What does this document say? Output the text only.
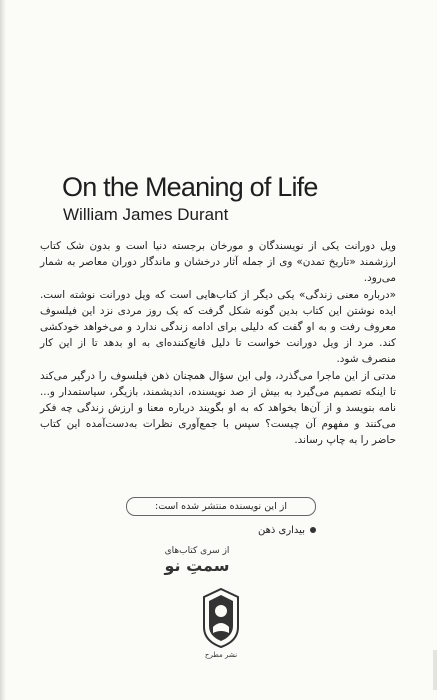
On the Meaning of Life
William James Durant

ویل دورانت یکی از نویسندگان و مورخان برجسته دنیا است و بدون شک کتاب ارزشمند «تاریخ تمدن» وی از جمله آثار درخشان و ماندگار دوران معاصر به شمار می‌رود.

«درباره معنی زندگی» یکی دیگر از کتاب‌هایی است که ویل دورانت نوشته است. ایده نوشتن این کتاب بدین گونه شکل گرفت که یک روز مردی نزد این فیلسوف معروف رفت و به او گفت که دلیلی برای ادامه زندگی ندارد و می‌خواهد خودکشی کند. مرد از ویل دورانت خواست تا دلیل قانع‌کننده‌ای به او بدهد تا از این کار منصرف شود.

مدتی از این ماجرا می‌گذرد، ولی این سؤال همچنان ذهن فیلسوف را درگیر می‌کند تا اینکه تصمیم می‌گیرد به بیش از صد نویسنده، اندیشمند، بازیگر، سیاستمدار و... نامه بنویسد و از آن‌ها بخواهد که به او بگویند درباره معنا و ارزش زندگی چه فکر می‌کنند و مفهوم آن چیست؟ سپس با جمع‌آوری نظرات به‌دست‌آمده این کتاب حاضر را به چاپ رساند.

از این نویسنده منتشر شده است:
بیداری ذهن
از سری کتاب‌های
سمتِ نو
نشر مطرح
